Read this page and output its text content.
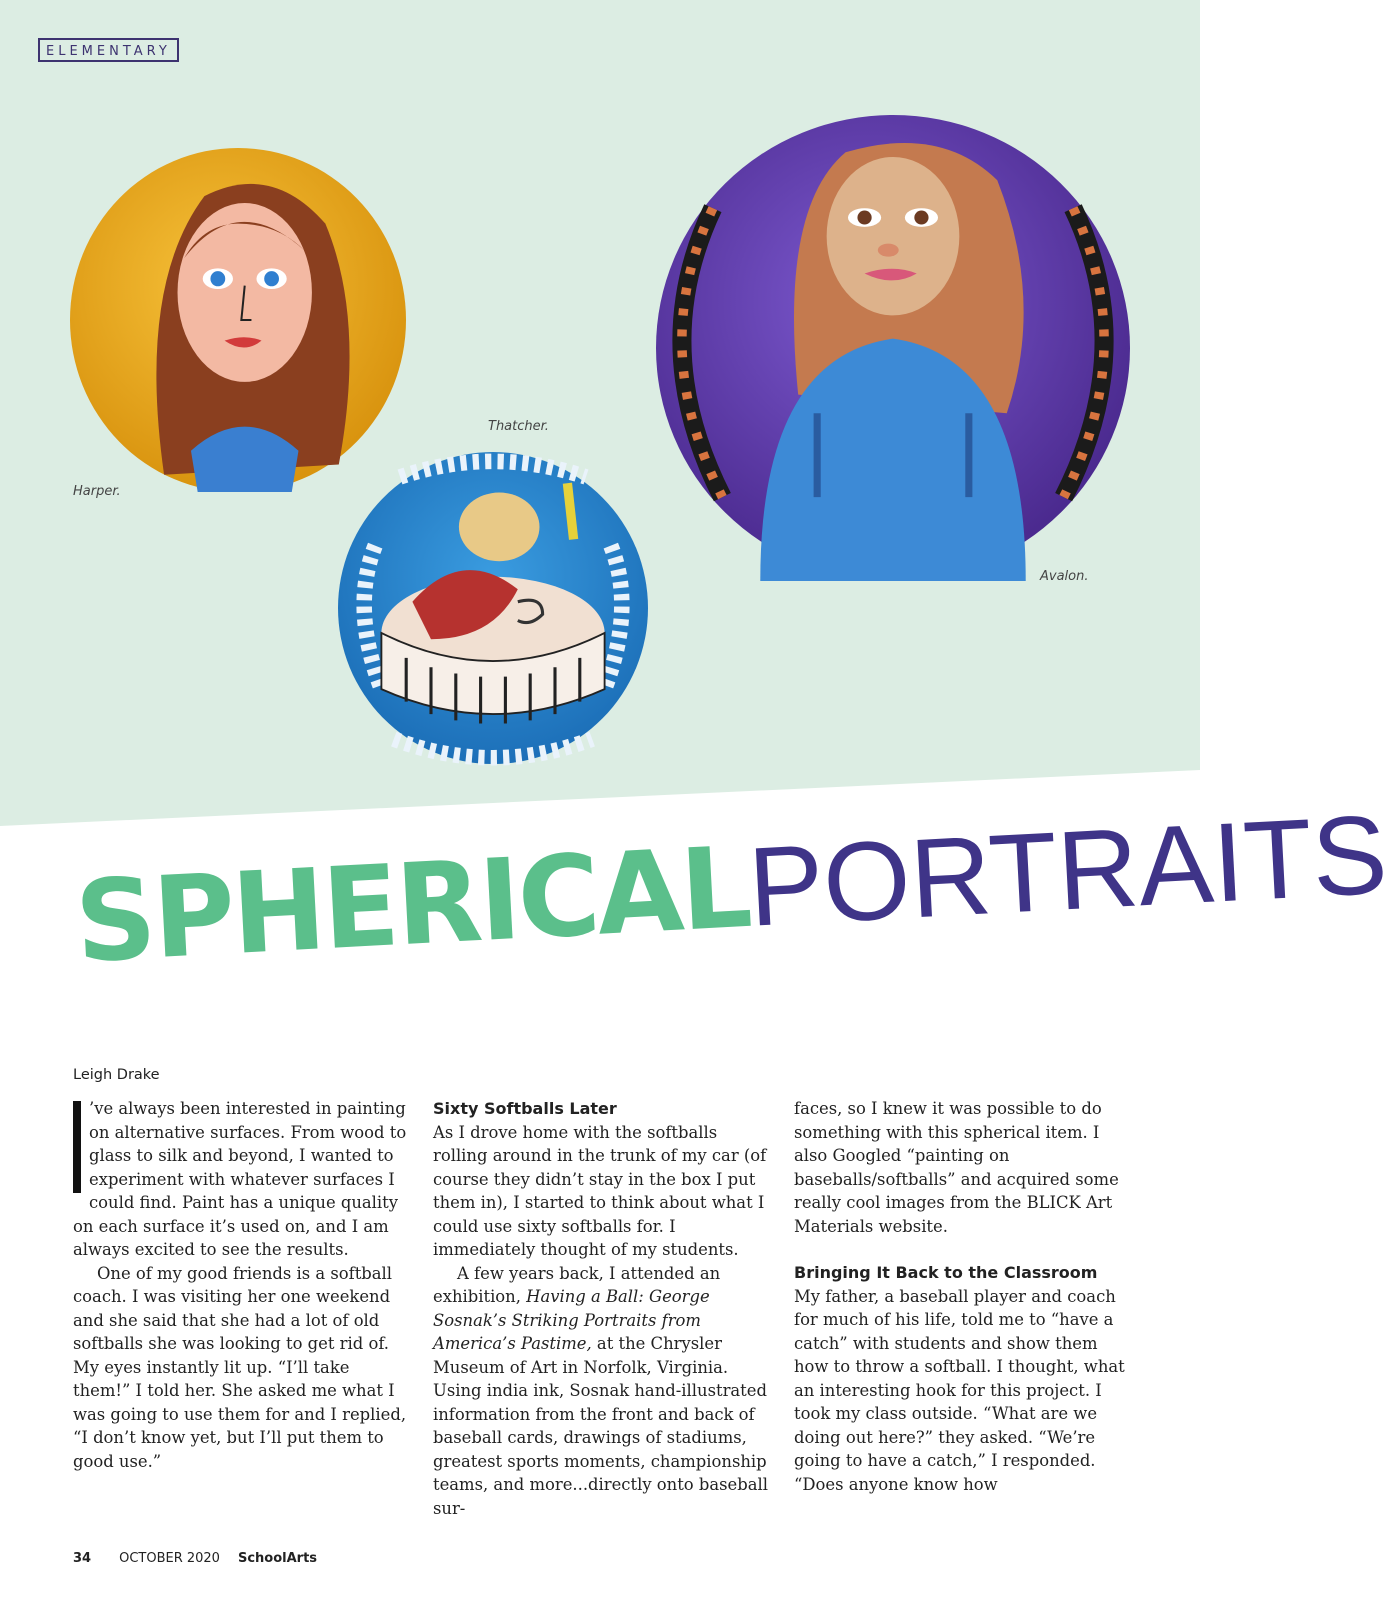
ELEMENTARY
Harper.
Thatcher.
Avalon.
SPHERICALPORTRAITS
Leigh Drake

’ve always been interested in painting on alternative surfaces. From wood to glass to silk and beyond, I wanted to experiment with whatever surfaces I could find. Paint has a unique quality on each surface it’s used on, and I am always excited to see the results.

One of my good friends is a softball coach. I was visiting her one weekend and she said that she had a lot of old softballs she was looking to get rid of. My eyes instantly lit up. “I’ll take them!” I told her. She asked me what I was going to use them for and I replied, “I don’t know yet, but I’ll put them to good use.”

Sixty Softballs Later

As I drove home with the softballs rolling around in the trunk of my car (of course they didn’t stay in the box I put them in), I started to think about what I could use sixty softballs for. I immediately thought of my students.

A few years back, I attended an exhibition, Having a Ball: George Sosnak’s Striking Portraits from America’s Pastime, at the Chrysler Museum of Art in Norfolk, Virginia. Using india ink, Sosnak hand-illustrated information from the front and back of baseball cards, drawings of stadiums, greatest sports moments, championship teams, and more...directly onto baseball sur-

faces, so I knew it was possible to do something with this spherical item. I also Googled “painting on baseballs/softballs” and acquired some really cool images from the BLICK Art Materials website.

Bringing It Back to the Classroom

My father, a baseball player and coach for much of his life, told me to “have a catch” with students and show them how to throw a softball. I thought, what an interesting hook for this project. I took my class outside. “What are we doing out here?” they asked. “We’re going to have a catch,” I responded. “Does anyone know how

34 OCTOBER 2020 SchoolArts
